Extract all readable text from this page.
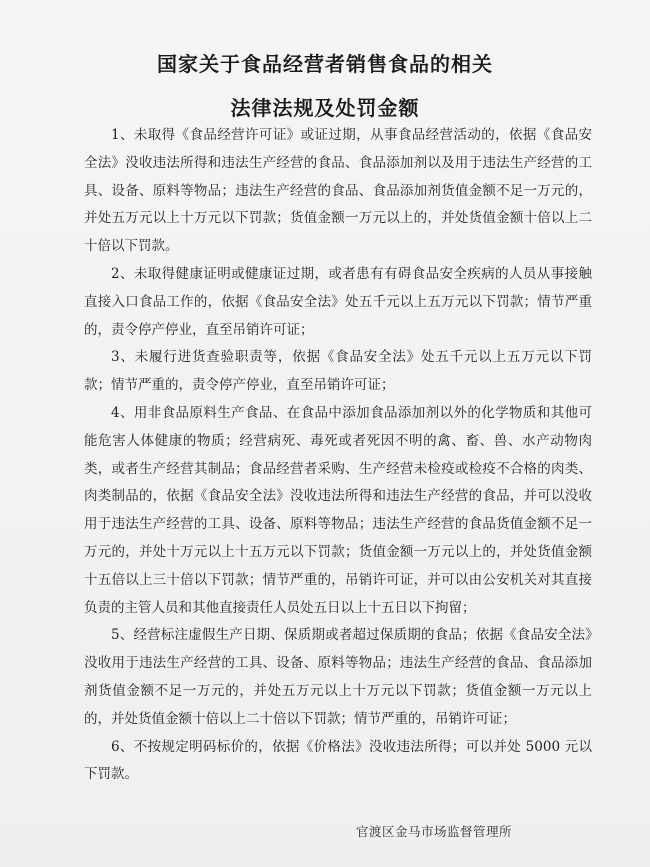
国家关于食品经营者销售食品的相关
法律法规及处罚金额

1、未取得《食品经营许可证》或证过期，从事食品经营活动的，依据《食品安全法》没收违法所得和违法生产经营的食品、食品添加剂以及用于违法生产经营的工具、设备、原料等物品；违法生产经营的食品、食品添加剂货值金额不足一万元的，并处五万元以上十万元以下罚款；货值金额一万元以上的，并处货值金额十倍以上二十倍以下罚款。

2、未取得健康证明或健康证过期，或者患有有碍食品安全疾病的人员从事接触直接入口食品工作的，依据《食品安全法》处五千元以上五万元以下罚款；情节严重的，责令停产停业，直至吊销许可证；

3、未履行进货查验职责等，依据《食品安全法》处五千元以上五万元以下罚款；情节严重的，责令停产停业，直至吊销许可证；

4、用非食品原料生产食品、在食品中添加食品添加剂以外的化学物质和其他可能危害人体健康的物质；经营病死、毒死或者死因不明的禽、畜、兽、水产动物肉类，或者生产经营其制品；食品经营者采购、生产经营未检疫或检疫不合格的肉类、肉类制品的，依据《食品安全法》没收违法所得和违法生产经营的食品，并可以没收用于违法生产经营的工具、设备、原料等物品；违法生产经营的食品货值金额不足一万元的，并处十万元以上十五万元以下罚款；货值金额一万元以上的，并处货值金额十五倍以上三十倍以下罚款；情节严重的，吊销许可证，并可以由公安机关对其直接负责的主管人员和其他直接责任人员处五日以上十五日以下拘留；

5、经营标注虚假生产日期、保质期或者超过保质期的食品；依据《食品安全法》没收用于违法生产经营的工具、设备、原料等物品；违法生产经营的食品、食品添加剂货值金额不足一万元的，并处五万元以上十万元以下罚款；货值金额一万元以上的，并处货值金额十倍以上二十倍以下罚款；情节严重的，吊销许可证；

6、不按规定明码标价的，依据《价格法》没收违法所得；可以并处 5000 元以下罚款。

官渡区金马市场监督管理所
